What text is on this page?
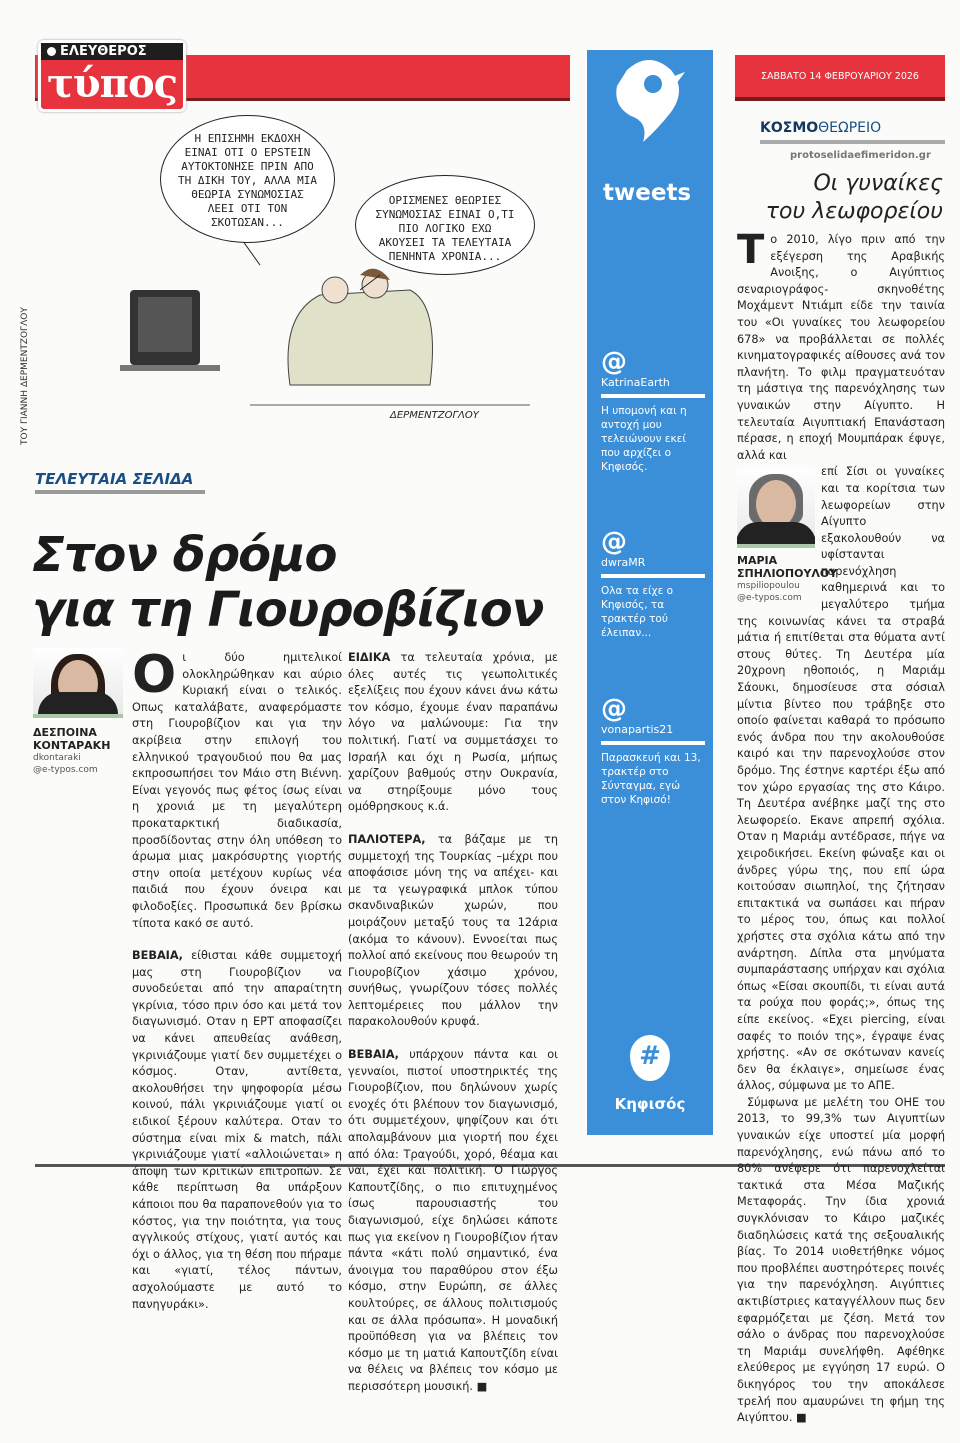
ΕΛΕΥΘΕΡΟΣ
τύπος
Η ΕΠΙΣΗΜΗ ΕΚΔΟΧΗ ΕΙΝΑΙ ΟΤΙ Ο EPSTEIN ΑΥΤΟΚΤΟΝΗΣΕ ΠΡΙΝ ΑΠΟ ΤΗ ΔΙΚΗ ΤΟΥ, ΑΛΛΑ ΜΙΑ ΘΕΩΡΙΑ ΣΥΝΩΜΟΣΙΑΣ ΛΕΕΙ ΟΤΙ ΤΟΝ ΣΚΟΤΩΣΑΝ...
ΟΡΙΣΜΕΝΕΣ ΘΕΩΡΙΕΣ ΣΥΝΩΜΟΣΙΑΣ ΕΙΝΑΙ Ο,ΤΙ ΠΙΟ ΛΟΓΙΚΟ ΕΧΩ ΑΚΟΥΣΕΙ ΤΑ ΤΕΛΕΥΤΑΙΑ ΠΕΝΗΝΤΑ ΧΡΟΝΙΑ...
ΤΟΥ ΓΙΑΝΝΗ ΔΕΡΜΕΝΤΖΟΓΛΟΥ	ΔΕΡΜΕΝΤΖΟΓΛΟΥ
ΤΕΛΕΥΤΑΙΑ ΣΕΛΙΔΑ
Στον δρόμο
για τη Γιουροβίζιον
ΔΕΣΠΟΙΝΑ
ΚΟΝΤΑΡΑΚΗ
dkontaraki
@e-typos.com

Οι δύο ημιτελικοί ολοκληρώθηκαν και αύριο Κυριακή είναι ο τελικός. Οπως καταλάβατε, αναφερόμαστε στη Γιουροβίζιον και για την ακρίβεια στην επιλογή του ελληνικού τραγουδιού που θα μας εκπροσωπήσει τον Μάιο στη Βιέννη. Είναι γεγονός πως φέτος ίσως είναι η χρονιά με τη μεγαλύτερη προκαταρκτική διαδικασία, προσδίδοντας στην όλη υπόθεση το άρωμα μιας μακρόσυρτης γιορτής στην οποία μετέχουν κυρίως νέα παιδιά που έχουν όνειρα και φιλοδοξίες. Προσωπικά δεν βρίσκω τίποτα κακό σε αυτό.

ΒΕΒΑΙΑ, είθισται κάθε συμμετοχή μας στη Γιουροβίζιον να συνοδεύεται από την απαραίτητη γκρίνια, τόσο πριν όσο και μετά τον διαγωνισμό. Οταν η ΕΡΤ αποφασίζει να κάνει απευθείας ανάθεση, γκρινιάζουμε γιατί δεν συμμετέχει ο κόσμος. Οταν, αντίθετα, ακολουθήσει την ψηφοφορία μέσω κοινού, πάλι γκρινιάζουμε γιατί οι ειδικοί ξέρουν καλύτερα. Οταν το σύστημα είναι mix & match, πάλι γκρινιάζουμε γιατί «αλλοιώνεται» η άποψη των κριτικών επιτροπών. Σε κάθε περίπτωση θα υπάρξουν κάποιοι που θα παραπονεθούν για το κόστος, για την ποιότητα, για τους αγγλικούς στίχους, γιατί αυτός και όχι ο άλλος, για τη θέση που πήραμε και «γιατί, τέλος πάντων, ασχολούμαστε με αυτό το πανηγυράκι».

ΕΙΔΙΚΑ τα τελευταία χρόνια, με όλες αυτές τις γεωπολιτικές εξελίξεις που έχουν κάνει άνω κάτω τον κόσμο, έχουμε έναν παραπάνω λόγο να μαλώνουμε: Για την πολιτική. Γιατί να συμμετάσχει το Ισραήλ και όχι η Ρωσία, μήπως χαρίζουν βαθμούς στην Ουκρανία, να στηρίξουμε μόνο τους ομόθρησκους κ.ά.

ΠΑΛΙΟΤΕΡΑ, τα βάζαμε με τη συμμετοχή της Τουρκίας –μέχρι που αποφάσισε μόνη της να απέχει- και με τα γεωγραφικά μπλοκ τύπου σκανδιναβικών χωρών, που μοιράζουν μεταξύ τους τα 12άρια (ακόμα το κάνουν). Εννοείται πως πολλοί από εκείνους που θεωρούν τη Γιουροβίζιον χάσιμο χρόνου, συνήθως, γνωρίζουν τόσες πολλές λεπτομέρειες που μάλλον την παρακολουθούν κρυφά.

ΒΕΒΑΙΑ, υπάρχουν πάντα και οι γενναίοι, πιστοί υποστηρικτές της Γιουροβίζιον, που δηλώνουν χωρίς ενοχές ότι βλέπουν τον διαγωνισμό, ότι συμμετέχουν, ψηφίζουν και ότι απολαμβάνουν μια γιορτή που έχει από όλα: Τραγούδι, χορό, θέαμα και ναι, έχει και πολιτική. Ο Γιώργος Καπουτζίδης, ο πιο επιτυχημένος ίσως παρουσιαστής του διαγωνισμού, είχε δηλώσει κάποτε πως για εκείνον η Γιουροβίζιον ήταν πάντα «κάτι πολύ σημαντικό, ένα άνοιγμα του παραθύρου στον έξω κόσμο, στην Ευρώπη, σε άλλες κουλτούρες, σε άλλους πολιτισμούς και σε άλλα πρόσωπα». Η μοναδική προϋπόθεση για να βλέπεις τον κόσμο με τη ματιά Καπουτζίδη είναι να θέλεις να βλέπεις τον κόσμο με περισσότερη μουσική. ■

tweets
@
KatrinaEarth
Η υπομονή και η αντοχή μου τελειώνουν εκεί που αρχίζει ο Κηφισός.
@
dwraMR
Ολα τα είχε ο Κηφισός, τα τρακτέρ τού έλειπαν...
@
vonapartis21
Παρασκευή και 13, τρακτέρ στο Σύνταγμα, εγώ στον Κηφισό!
#
Κηφισός
ΣΑΒΒΑΤΟ 14 ΦΕΒΡΟΥΑΡΙΟΥ 2026
ΚΟΣΜΟΘΕΩΡΕΙΟ
protoselidaefimeridon.gr
Οι γυναίκες
του λεωφορείου

Το 2010, λίγο πριν από την εξέγερση της Αραβικής Ανοιξης, ο Αιγύπτιος σεναριογράφος- σκηνοθέτης Μοχάμεντ Ντιάμπ είδε την ταινία του «Οι γυναίκες του λεωφορείου 678» να προβάλλεται σε πολλές κινηματογραφικές αίθουσες ανά τον πλανήτη. Το φιλμ πραγματευόταν τη μάστιγα της παρενόχλησης των γυναικών στην Αίγυπτο. Η τελευταία Αιγυπτιακή Επανάσταση πέρασε, η εποχή Μουμπάρακ έφυγε, αλλά και

ΜΑΡΙΑ
ΣΠΗΛΙΟΠΟΥΛΟΥ
mspiliopoulou
@e-typos.com
επί Σίσι οι γυναίκες και τα κορίτσια των λεωφορείων στην Αίγυπτο εξακολουθούν να υφίστανται παρενόχληση καθημερινά και το μεγαλύτερο τμήμα της κοινωνίας κάνει τα στραβά μάτια ή επιτίθεται στα θύματα αντί στους θύτες. Τη Δευτέρα μία 20χρονη ηθοποιός, η Μαριάμ Σάουκι, δημοσίευσε στα σόσιαλ μίντια βίντεο που τράβηξε στο οποίο φαίνεται καθαρά το πρόσωπο ενός άνδρα που την ακολουθούσε καιρό και την παρενοχλούσε στον δρόμο. Της έστηνε καρτέρι έξω από τον χώρο εργασίας της στο Κάιρο. Τη Δευτέρα ανέβηκε μαζί της στο λεωφορείο. Εκανε απρεπή σχόλια. Οταν η Μαριάμ αντέδρασε, πήγε να χειροδικήσει. Εκείνη φώναξε και οι άνδρες γύρω της, που επί ώρα κοιτούσαν σιωπηλοί, της ζήτησαν επιτακτικά να σωπάσει και πήραν το μέρος του, όπως και πολλοί χρήστες στα σχόλια κάτω από την ανάρτηση. Δίπλα στα μηνύματα συμπαράστασης υπήρχαν και σχόλια όπως «Είσαι σκουπίδι, τι είναι αυτά τα ρούχα που φοράς;», όπως της είπε εκείνος. «Εχει piercing, είναι σαφές το ποιόν της», έγραψε ένας χρήστης. «Αν σε σκότωναν κανείς δεν θα έκλαιγε», σημείωσε ένας άλλος, σύμφωνα με το ΑΠΕ.

Σύμφωνα με μελέτη του ΟΗΕ του 2013, το 99,3% των Αιγυπτίων γυναικών είχε υποστεί μία μορφή παρενόχλησης, ενώ πάνω από το 80% ανέφερε ότι παρενοχλείται τακτικά στα Μέσα Μαζικής Μεταφοράς. Την ίδια χρονιά συγκλόνισαν το Κάιρο μαζικές διαδηλώσεις κατά της σεξουαλικής βίας. Το 2014 υιοθετήθηκε νόμος που προβλέπει αυστηρότερες ποινές για την παρενόχληση. Αιγύπτιες ακτιβίστριες καταγγέλλουν πως δεν εφαρμόζεται με ζέση. Μετά τον σάλο ο άνδρας που παρενοχλούσε τη Μαριάμ συνελήφθη. Αφέθηκε ελεύθερος με εγγύηση 17 ευρώ. Ο δικηγόρος του την αποκάλεσε τρελή που αμαυρώνει τη φήμη της Αιγύπτου. ■
